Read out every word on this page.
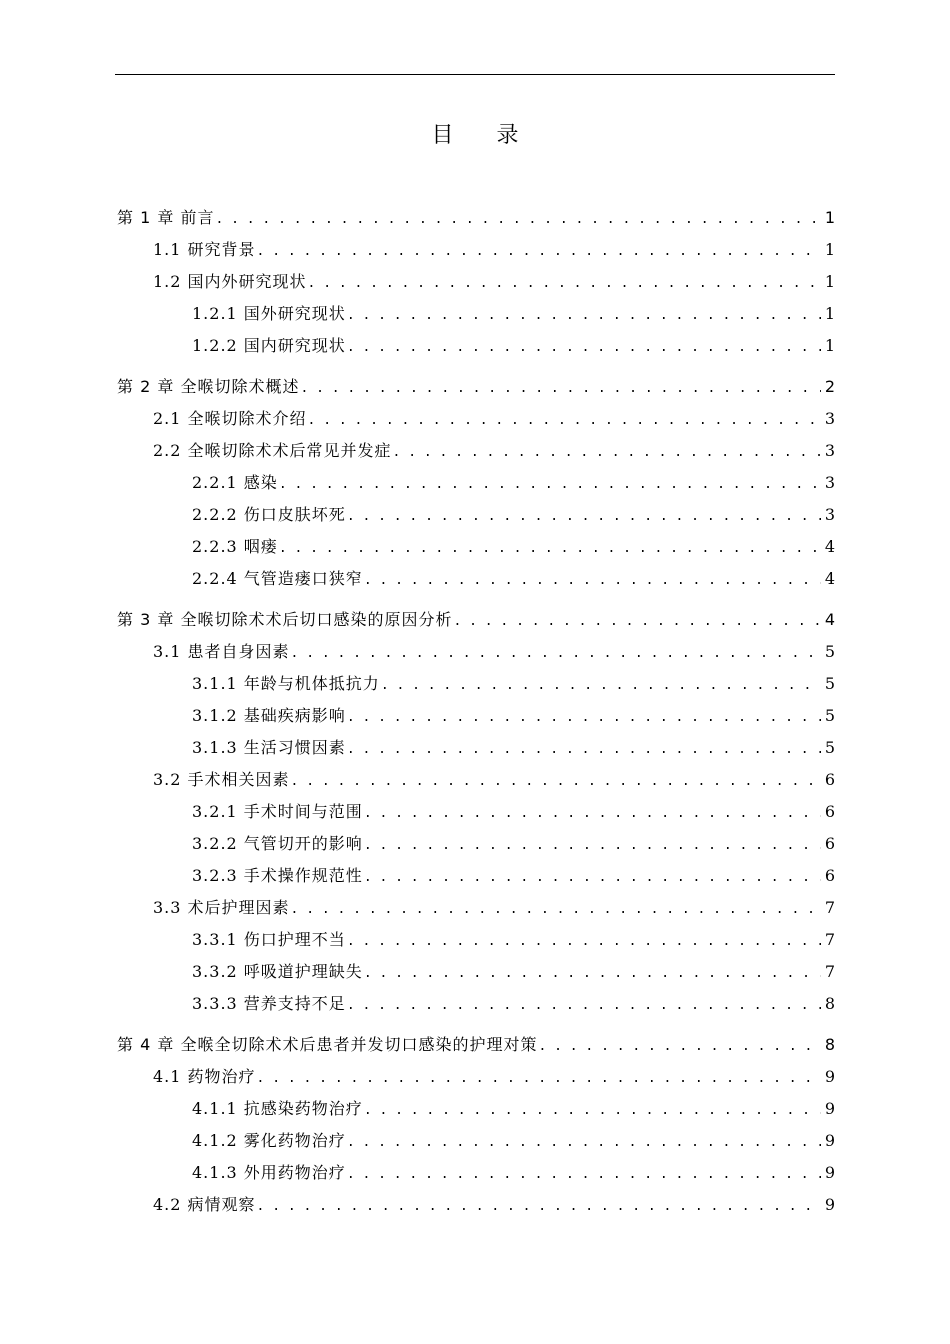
目 录
第 1 章 前言 . . .	1
1.1 研究背景 . . .	1
1.2 国内外研究现状 . . .	1
1.2.1 国外研究现状 . . .	1
1.2.2 国内研究现状 . . .	1
第 2 章 全喉切除术概述 . . .	2
2.1 全喉切除术介绍 . . .	3
2.2 全喉切除术术后常见并发症 . . .	3
2.2.1 感染 . . .	3
2.2.2 伤口皮肤坏死 . . .	3
2.2.3 咽瘘 . . .	4
2.2.4 气管造瘘口狭窄 . . .	4
第 3 章 全喉切除术术后切口感染的原因分析 . . .	4
3.1 患者自身因素 . . .	5
3.1.1 年龄与机体抵抗力 . . .	5
3.1.2 基础疾病影响 . . .	5
3.1.3 生活习惯因素 . . .	5
3.2 手术相关因素 . . .	6
3.2.1 手术时间与范围 . . .	6
3.2.2 气管切开的影响 . . .	6
3.2.3 手术操作规范性 . . .	6
3.3 术后护理因素 . . .	7
3.3.1 伤口护理不当 . . .	7
3.3.2 呼吸道护理缺失 . . .	7
3.3.3 营养支持不足 . . .	8
第 4 章 全喉全切除术术后患者并发切口感染的护理对策 . . .	8
4.1 药物治疗 . . .	9
4.1.1 抗感染药物治疗 . . .	9
4.1.2 雾化药物治疗 . . .	9
4.1.3 外用药物治疗 . . .	9
4.2 病情观察 . . .	9
